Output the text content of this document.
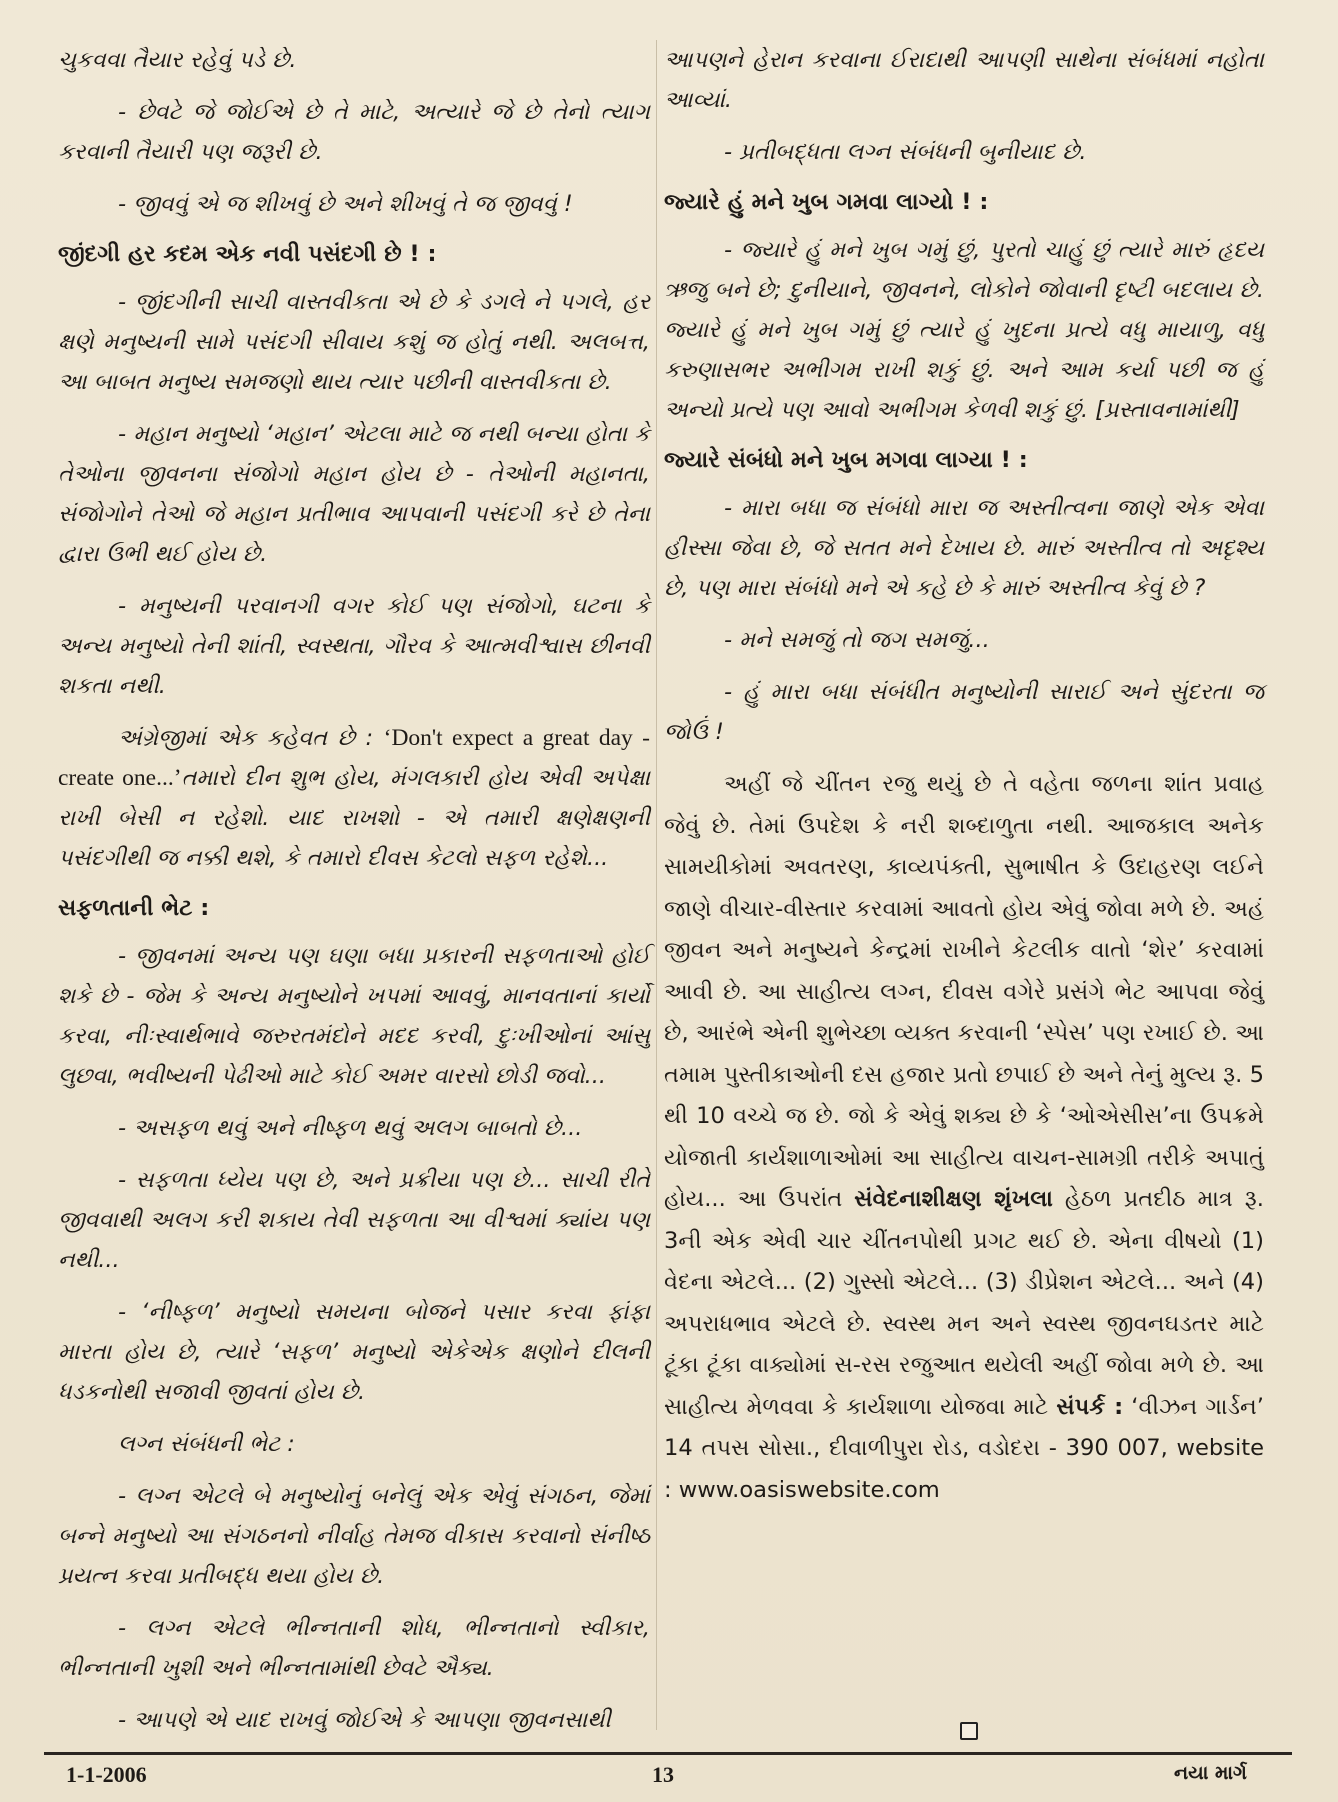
ચુકવવા તૈયાર રહેવું પડે છે.

- છેવટે જે જોઈએ છે તે માટે, અત્યારે જે છે તેનો ત્યાગ કરવાની તૈયારી પણ જરૂરી છે.

- જીવવું એ જ શીખવું છે અને શીખવું તે જ જીવવું !

જીંદગી હર કદમ એક નવી પસંદગી છે ! :

- જીંદગીની સાચી વાસ્તવીકતા એ છે કે ડગલે ને પગલે, હર ક્ષણે મનુષ્યની સામે પસંદગી સીવાય કશું જ હોતું નથી. અલબત્ત, આ બાબત મનુષ્ય સમજણો થાય ત્યાર પછીની વાસ્તવીકતા છે.

- મહાન મનુષ્યો ‘મહાન’ એટલા માટે જ નથી બન્યા હોતા કે તેઓના જીવનના સંજોગો મહાન હોય છે - તેઓની મહાનતા, સંજોગોને તેઓ જે મહાન પ્રતીભાવ આપવાની પસંદગી કરે છે તેના દ્વારા ઉભી થઈ હોય છે.

- મનુષ્યની પરવાનગી વગર કોઈ પણ સંજોગો, ઘટના કે અન્ય મનુષ્યો તેની શાંતી, સ્વસ્થતા, ગૌરવ કે આત્મવીશ્વાસ છીનવી શકતા નથી.

અંગ્રેજીમાં એક કહેવત છે : ‘Don't expect a great day - create one...’તમારો દીન શુભ હોય, મંગલકારી હોય એવી અપેક્ષા રાખી બેસી ન રહેશો. યાદ રાખશો - એ તમારી ક્ષણેક્ષણની પસંદગીથી જ નક્કી થશે, કે તમારો દીવસ કેટલો સફળ રહેશે...

સફળતાની ભેટ :

- જીવનમાં અન્ય પણ ઘણા બધા પ્રકારની સફળતાઓ હોઈ શકે છે - જેમ કે અન્ય મનુષ્યોને ખપમાં આવવું, માનવતાનાં કાર્યો કરવા, નીઃસ્વાર્થભાવે જરુરતમંદોને મદદ કરવી, દુઃખીઓનાં આંસુ લુછવા, ભવીષ્યની પેઢીઓ માટે કોઈ અમર વારસો છોડી જવો...

- અસફળ થવું અને નીષ્ફળ થવું અલગ બાબતો છે...

- સફળતા ધ્યેય પણ છે, અને પ્રક્રીયા પણ છે... સાચી રીતે જીવવાથી અલગ કરી શકાય તેવી સફળતા આ વીશ્વમાં ક્યાંય પણ નથી...

- ‘નીષ્ફળ’ મનુષ્યો સમયના બોજને પસાર કરવા ફાંફા મારતા હોય છે, ત્યારે ‘સફળ’ મનુષ્યો એકેએક ક્ષણોને દીલની ધડકનોથી સજાવી જીવતાં હોય છે.

લગ્ન સંબંધની ભેટ :

- લગ્ન એટલે બે મનુષ્યોનું બનેલું એક એવું સંગઠન, જેમાં બન્ને મનુષ્યો આ સંગઠનનો નીર્વાહ તેમજ વીકાસ કરવાનો સંનીષ્ઠ પ્રયત્ન કરવા પ્રતીબદ્ધ થયા હોય છે.

- લગ્ન એટલે ભીન્નતાની શોધ, ભીન્નતાનો સ્વીકાર, ભીન્નતાની ખુશી અને ભીન્નતામાંથી છેવટે ઐક્ય.

- આપણે એ યાદ રાખવું જોઈએ કે આપણા જીવનસાથી

આપણને હેરાન કરવાના ઈરાદાથી આપણી સાથેના સંબંધમાં નહોતા આવ્યાં.

- પ્રતીબદ્ધતા લગ્ન સંબંધની બુનીયાદ છે.

જ્યારે હું મને ખુબ ગમવા લાગ્યો ! :

- જ્યારે હું મને ખુબ ગમું છું, પુરતો ચાહું છું ત્યારે મારું હૃદય ઋજુ બને છે; દુનીયાને, જીવનને, લોકોને જોવાની દૃષ્ટી બદલાય છે. જ્યારે હું મને ખુબ ગમું છું ત્યારે હું ખુદના પ્રત્યે વધુ માયાળુ, વધુ કરુણાસભર અભીગમ રાખી શકું છું. અને આમ કર્યા પછી જ હું અન્યો પ્રત્યે પણ આવો અભીગમ કેળવી શકું છું. [પ્રસ્તાવનામાંથી]

જ્યારે સંબંધો મને ખુબ મગવા લાગ્યા ! :

- મારા બધા જ સંબંધો મારા જ અસ્તીત્વના જાણે એક એવા હીસ્સા જેવા છે, જે સતત મને દેખાય છે. મારું અસ્તીત્વ તો અદૃશ્ય છે, પણ મારા સંબંધો મને એ કહે છે કે મારું અસ્તીત્વ કેવું છે ?

- મને સમજું તો જગ સમજું...

- હું મારા બધા સંબંધીત મનુષ્યોની સારાઈ અને સુંદરતા જ જોઉં !

અહીં જે ચીંતન રજુ થયું છે તે વહેતા જળના શાંત પ્રવાહ જેવું છે. તેમાં ઉપદેશ કે નરી શબ્દાળુતા નથી. આજકાલ અનેક સામયીકોમાં અવતરણ, કાવ્યપંક્તી, સુભાષીત કે ઉદાહરણ લઈને જાણે વીચાર-વીસ્તાર કરવામાં આવતો હોય એવું જોવા મળે છે. અહં જીવન અને મનુષ્યને કેન્દ્રમાં રાખીને કેટલીક વાતો ‘શેર’ કરવામાં આવી છે. આ સાહીત્ય લગ્ન, દીવસ વગેરે પ્રસંગે ભેટ આપવા જેવું છે, આરંભે એની શુભેચ્છા વ્યક્ત કરવાની ‘સ્પેસ’ પણ રખાઈ છે. આ તમામ પુસ્તીકાઓની દસ હજાર પ્રતો છપાઈ છે અને તેનું મુલ્ય રૂ. 5 થી 10 વચ્ચે જ છે. જો કે એવું શક્ય છે કે ‘ઓએસીસ’ના ઉપક્રમે યોજાતી કાર્યશાળાઓમાં આ સાહીત્ય વાચન-સામગ્રી તરીકે અપાતું હોય... આ ઉપરાંત સંવેદનાશીક્ષણ શૃંખલા હેઠળ પ્રતદીઠ માત્ર રૂ. 3ની એક એવી ચાર ચીંતનપોથી પ્રગટ થઈ છે. એના વીષયો (1) વેદના એટલે... (2) ગુસ્સો એટલે... (3) ડીપ્રેશન એટલે... અને (4) અપરાધભાવ એટલે છે. સ્વસ્થ મન અને સ્વસ્થ જીવનઘડતર માટે ટૂંકા ટૂંકા વાક્યોમાં સ-રસ રજુઆત થયેલી અહીં જોવા મળે છે. આ સાહીત્ય મેળવવા કે કાર્યશાળા યોજવા માટે સંપર્ક : ‘વીઝન ગાર્ડન’ 14 તપસ સોસા., દીવાળીપુરા રોડ, વડોદરા - 390 007, website : www.oasiswebsite.com

1-1-2006	13	નયા માર્ગ
